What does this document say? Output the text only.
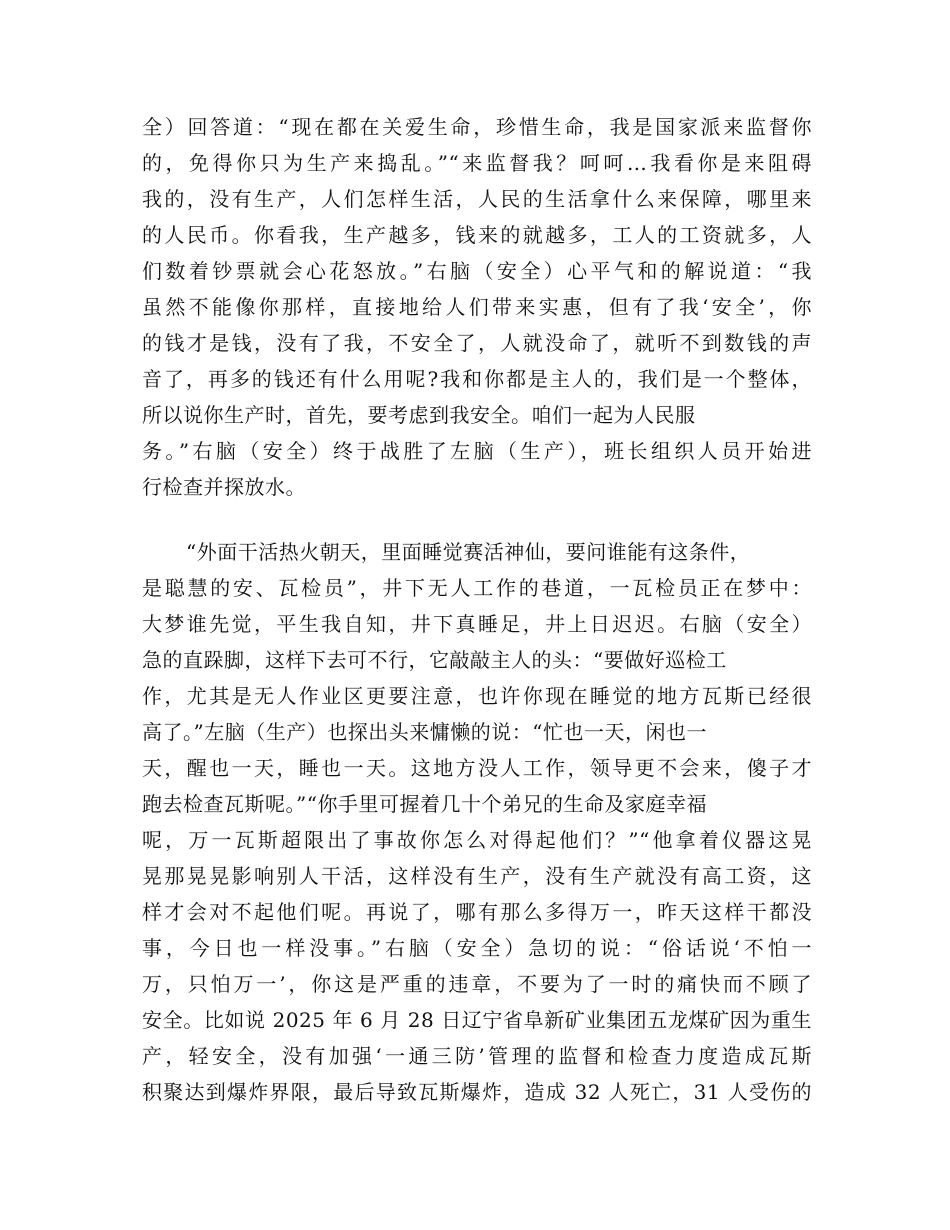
全）回答道：“现在都在关爱生命，珍惜生命，我是国家派来监督你
的，免得你只为生产来捣乱。”“来监督我？呵呵…我看你是来阻碍
我的，没有生产，人们怎样生活，人民的生活拿什么来保障，哪里来
的人民币。你看我，生产越多，钱来的就越多，工人的工资就多，人
们数着钞票就会心花怒放。”右脑（安全）心平气和的解说道：“我
虽然不能像你那样，直接地给人们带来实惠，但有了我‘安全’，你
的钱才是钱，没有了我，不安全了，人就没命了，就听不到数钱的声
音了，再多的钱还有什么用呢?我和你都是主人的，我们是一个整体，
所以说你生产时，首先，要考虑到我安全。咱们一起为人民服
务。”右脑（安全）终于战胜了左脑（生产），班长组织人员开始进
行检查并探放水。
“外面干活热火朝天，里面睡觉赛活神仙，要问谁能有这条件，
是聪慧的安、瓦检员”，井下无人工作的巷道，一瓦检员正在梦中：
大梦谁先觉，平生我自知，井下真睡足，井上日迟迟。右脑（安全）
急的直跺脚，这样下去可不行，它敲敲主人的头：“要做好巡检工
作，尤其是无人作业区更要注意，也许你现在睡觉的地方瓦斯已经很
高了。”左脑（生产）也探出头来慵懒的说：“忙也一天，闲也一
天，醒也一天，睡也一天。这地方没人工作，领导更不会来，傻子才
跑去检查瓦斯呢。”“你手里可握着几十个弟兄的生命及家庭幸福
呢，万一瓦斯超限出了事故你怎么对得起他们？”“他拿着仪器这晃
晃那晃晃影响别人干活，这样没有生产，没有生产就没有高工资，这
样才会对不起他们呢。再说了，哪有那么多得万一，昨天这样干都没
事，今日也一样没事。”右脑（安全）急切的说：“俗话说‘不怕一
万，只怕万一’，你这是严重的违章，不要为了一时的痛快而不顾了
安全。比如说 2025 年 6 月 28 日辽宁省阜新矿业集团五龙煤矿因为重生
产，轻安全，没有加强‘一通三防’管理的监督和检查力度造成瓦斯
积聚达到爆炸界限，最后导致瓦斯爆炸，造成 32 人死亡，31 人受伤的
